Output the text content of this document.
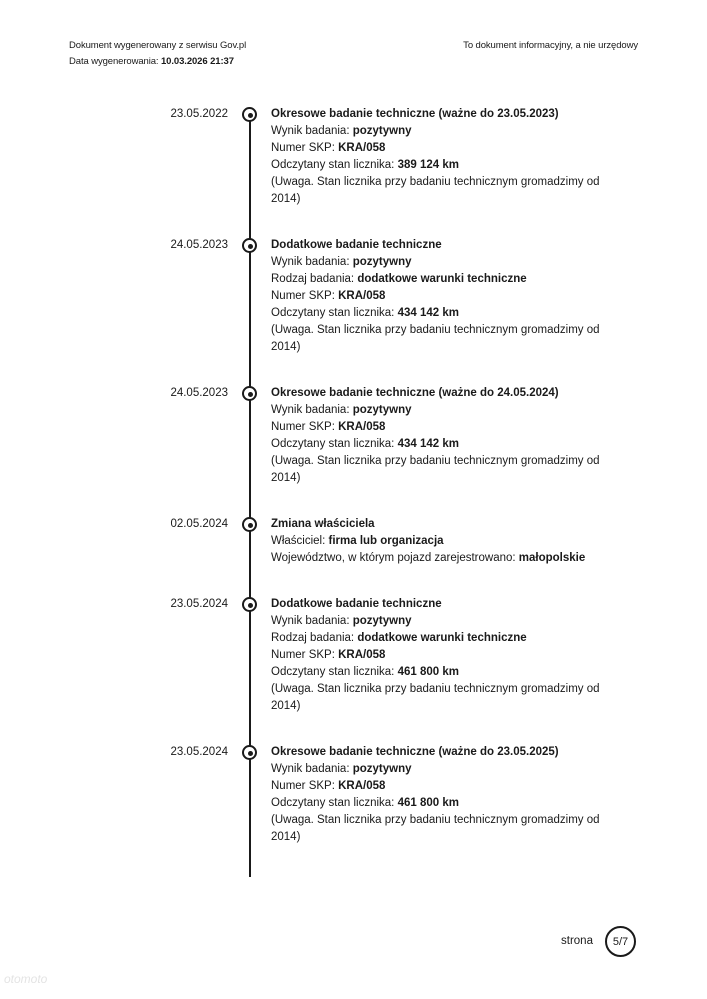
Dokument wygenerowany z serwisu Gov.pl
Data wygenerowania: 10.03.2026 21:37
To dokument informacyjny, a nie urzędowy
23.05.2022	Okresowe badanie techniczne (ważne do 23.05.2023)
Wynik badania: pozytywny
Numer SKP: KRA/058
Odczytany stan licznika: 389 124 km
(Uwaga. Stan licznika przy badaniu technicznym gromadzimy od 2014)
24.05.2023	Dodatkowe badanie techniczne
Wynik badania: pozytywny
Rodzaj badania: dodatkowe warunki techniczne
Numer SKP: KRA/058
Odczytany stan licznika: 434 142 km
(Uwaga. Stan licznika przy badaniu technicznym gromadzimy od 2014)
24.05.2023	Okresowe badanie techniczne (ważne do 24.05.2024)
Wynik badania: pozytywny
Numer SKP: KRA/058
Odczytany stan licznika: 434 142 km
(Uwaga. Stan licznika przy badaniu technicznym gromadzimy od 2014)
02.05.2024	Zmiana właściciela
Właściciel: firma lub organizacja
Województwo, w którym pojazd zarejestrowano: małopolskie
23.05.2024	Dodatkowe badanie techniczne
Wynik badania: pozytywny
Rodzaj badania: dodatkowe warunki techniczne
Numer SKP: KRA/058
Odczytany stan licznika: 461 800 km
(Uwaga. Stan licznika przy badaniu technicznym gromadzimy od 2014)
23.05.2024	Okresowe badanie techniczne (ważne do 23.05.2025)
Wynik badania: pozytywny
Numer SKP: KRA/058
Odczytany stan licznika: 461 800 km
(Uwaga. Stan licznika przy badaniu technicznym gromadzimy od 2014)
strona 5/7
otomoto
